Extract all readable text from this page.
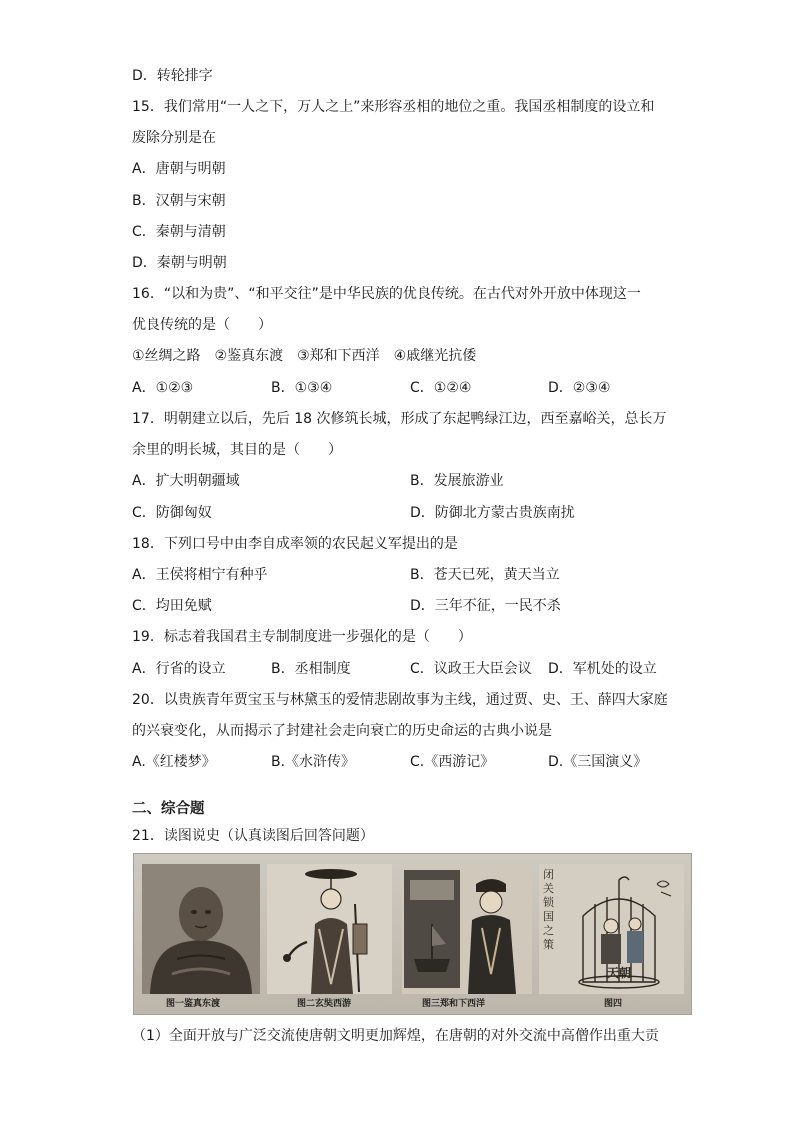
D．转轮排字
15．我们常用“一人之下，万人之上”来形容丞相的地位之重。我国丞相制度的设立和
废除分别是在
A．唐朝与明朝
B．汉朝与宋朝
C．秦朝与清朝
D．秦朝与明朝
16．“以和为贵”、“和平交往”是中华民族的优良传统。在古代对外开放中体现这一
优良传统的是（　　）
①丝绸之路　②鉴真东渡　③郑和下西洋　④戚继光抗倭
A．①②③	B．①③④	C．①②④	D．②③④
17．明朝建立以后，先后 18 次修筑长城，形成了东起鸭绿江边，西至嘉峪关，总长万
余里的明长城，其目的是（　　）
A．扩大明朝疆域	B．发展旅游业
C．防御匈奴	D．防御北方蒙古贵族南扰
18．下列口号中由李自成率领的农民起义军提出的是
A．王侯将相宁有种乎	B．苍天已死，黄天当立
C．均田免赋	D．三年不征，一民不杀
19．标志着我国君主专制制度进一步强化的是（　　）
A．行省的设立	B．丞相制度	C．议政王大臣会议 D．军机处的设立
20．以贵族青年贾宝玉与林黛玉的爱情悲剧故事为主线，通过贾、史、王、薛四大家庭
的兴衰变化，从而揭示了封建社会走向衰亡的历史命运的古典小说是
A.《红楼梦》	B.《水浒传》	C.《西游记》	D.《三国演义》
二、综合题
21．读图说史（认真读图后回答问题）
图一鉴真东渡	图二玄奘西游	图三郑和下西洋
闭关锁国之策
天朝
图四
（1）全面开放与广泛交流使唐朝文明更加辉煌，在唐朝的对外交流中高僧作出重大贡
